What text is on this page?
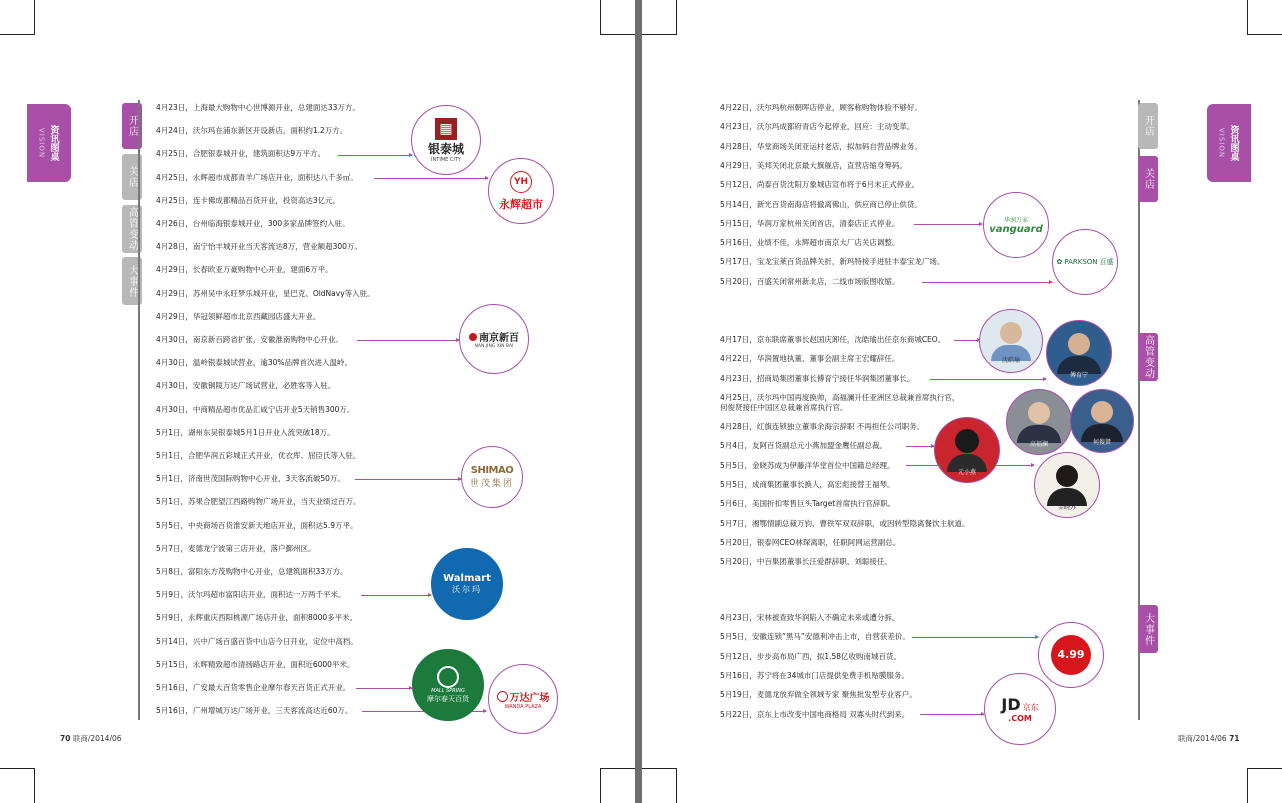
VISION 资讯图桌	开店
关店
高管变动
大事件
4月23日，上海最大购物中心世博源开业，总建面达33万方。
4月24日，沃尔玛在浦东新区开设新店，面积约1.2万方。
4月25日，合肥银泰城开业，建筑面积达9万平方。
4月25日，永辉超市成都青羊广场店开业，面积达八千多㎡。
4月25日，连卡佛成都精品百货开业，投资高达3亿元。
4月26日，台州临海银泰城开业，300多家品牌签约入驻。
4月28日，南宁怡丰城开业当天客流达8万，营业额超300万。
4月29日，长春欧亚万豪购物中心开业，建面6万平。
4月29日，苏州吴中永旺梦乐城开业，星巴克、OldNavy等入驻。
4月29日，华冠领鲜超市北京西藏园店盛大开业。
4月30日，南京新百跨省扩张，安徽淮南购物中心开业。
4月30日，温岭银泰城试营业，逾30%品牌首次进入温岭。
4月30日，安徽铜陵万达广场试营业，必胜客等入驻。
4月30日，中商精品超市优品汇咸宁店开业5天销售300万。
5月1日，湖州东吴银泰城5月1日开业入流突破18万。
5月1日，合肥华润五彩城正式开业，优衣库、屈臣氏等入驻。
5月1日，济南世茂国际购物中心开业，3天客流破50万。
5月1日，苏果合肥望江西路购物广场开业，当天业绩过百万。
5月5日，中央商场百货淮安新天地店开业，面积达5.9万平。
5月7日，麦德龙宁波第三店开业，落户鄞州区。
5月8日，富阳东方茂购物中心开业，总建筑面积33万方。
5月9日，沃尔玛超市富阳店开业，面积达一万两千平米。
5月9日，永辉重庆西阳桃源广场店开业，面积8000多平米。
5月14日，兴中广场百盛百货中山店今日开业，定位中高档。
5月15日，永辉精致超市清扬路店开业，面积近6000平米。
5月16日，广安最大百货零售企业摩尔春天百货正式开业。
5月16日，广州增城万达广场开业，三天客流高达近60万。
▦
银泰城
INTIME CITY
YH
永辉超市
南京新百
NAN JING XIN BAI
SHIMAO
世茂集团
Walmart
沃尔玛
MALL SPRING
摩尔春天百货	万达广场
WANDA PLAZA
70 联商/2014/06
VISION 资讯图桌
开店
关店
高管变动
大事件
4月22日，沃尔玛杭州朝晖店停业，顾客称购物体验不够好。
4月23日，沃尔玛成都府青店今起停业，回应：主动变革。
4月28日，华堂商场关闭亚运村老店，拟加码自营品牌业务。
4月29日，美邦关闭北京最大旗舰店，直营店缩身筹码。
5月12日，尚泰百货沈阳万象城店宣布将于6月末正式停业。
5月14日，新光百货南海店将撤离佛山，供应商已停止供货。
5月15日，华润万家杭州关闭首店，清泰店正式停业。
5月16日，业绩不佳，永辉超市南京大厂店关店调整。
5月17日，宝龙宝莱百货品牌关折，新玛特接手进驻丰泰宝龙广场。
5月20日，百盛关闭常州新北店，二线市场版图收缩。
4月17日，京东联席董事长赵国庆卸任，沈皓瑜出任京东商城CEO。
4月22日，华润置地执董、董事会副主席王宏耀辞任。
4月23日，招商局集团董事长傅育宁接任华润集团董事长。
4月25日，沃尔玛中国再度换帅，高福澜升任亚洲区总裁兼首席执行官，
何俊贤接任中国区总裁兼首席执行官。
4月28日，红旗连锁独立董事余海宗辞职 不再担任公司职务。
5月4日，友阿百货副总元小燕加盟金鹰任副总裁。
5月5日，金晓苏成为伊藤洋华堂首位中国籍总经理。
5月5日，成商集团董事长换人，高宏彪接替王福琴。
5月6日，美国折扣零售巨头Target首席执行官辞职。
5月7日，湘鄂情副总裁万钧、曹铁军双双辞职，或因转型隐离餐饮主航道。
5月20日，银泰网CEO林琛离职，任职阿网运营副总。
5月20日，中百集团董事长汪爱群辞职，刘聪接任。
4月23日，宋林被查致华润陷入不确定未来或遭分拆。
5月5日，安徽连锁“黑马”安德利冲击上市，自营获差价。
5月12日，步步高布局广西，拟1.58亿收购南城百货。
5月16日，苏宁将在34城市门店提供免费手机贴膜服务。
5月19日，麦德龙放弃做全领域专家 聚焦批发型专业客户。
5月22日，京东上市改变中国电商格局 双寡头时代到来。
华润万家
vanguard
✿ PARKSON 百盛
沈皓瑜
傅育宁
高福澜	何俊贤
元小燕
金晓苏
4.99
JD 京东
.COM
联商/2014/06 71
